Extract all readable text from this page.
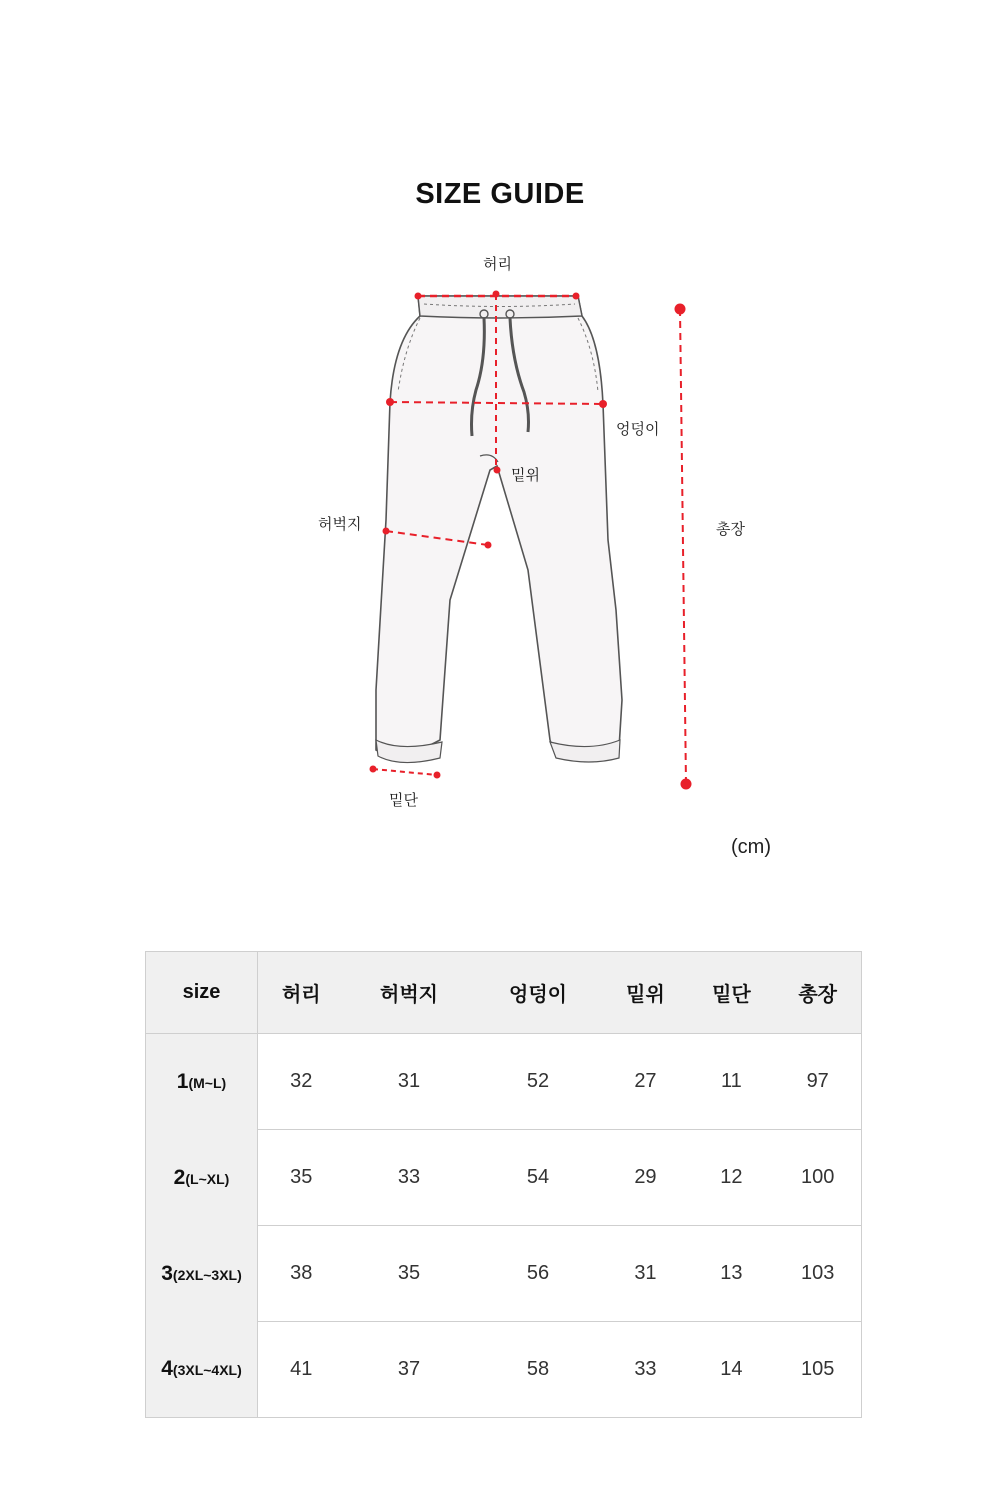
SIZE GUIDE
허리
엉덩이
밑위
허벅지	총장
밑단
(cm)
size	허리	허벅지	엉덩이	밑위	밑단	총장
1(M~L)	32	31	52	27	11	97
2(L~XL)	35	33	54	29	12	100
3(2XL~3XL)	38	35	56	31	13	103
4(3XL~4XL)	41	37	58	33	14	105
